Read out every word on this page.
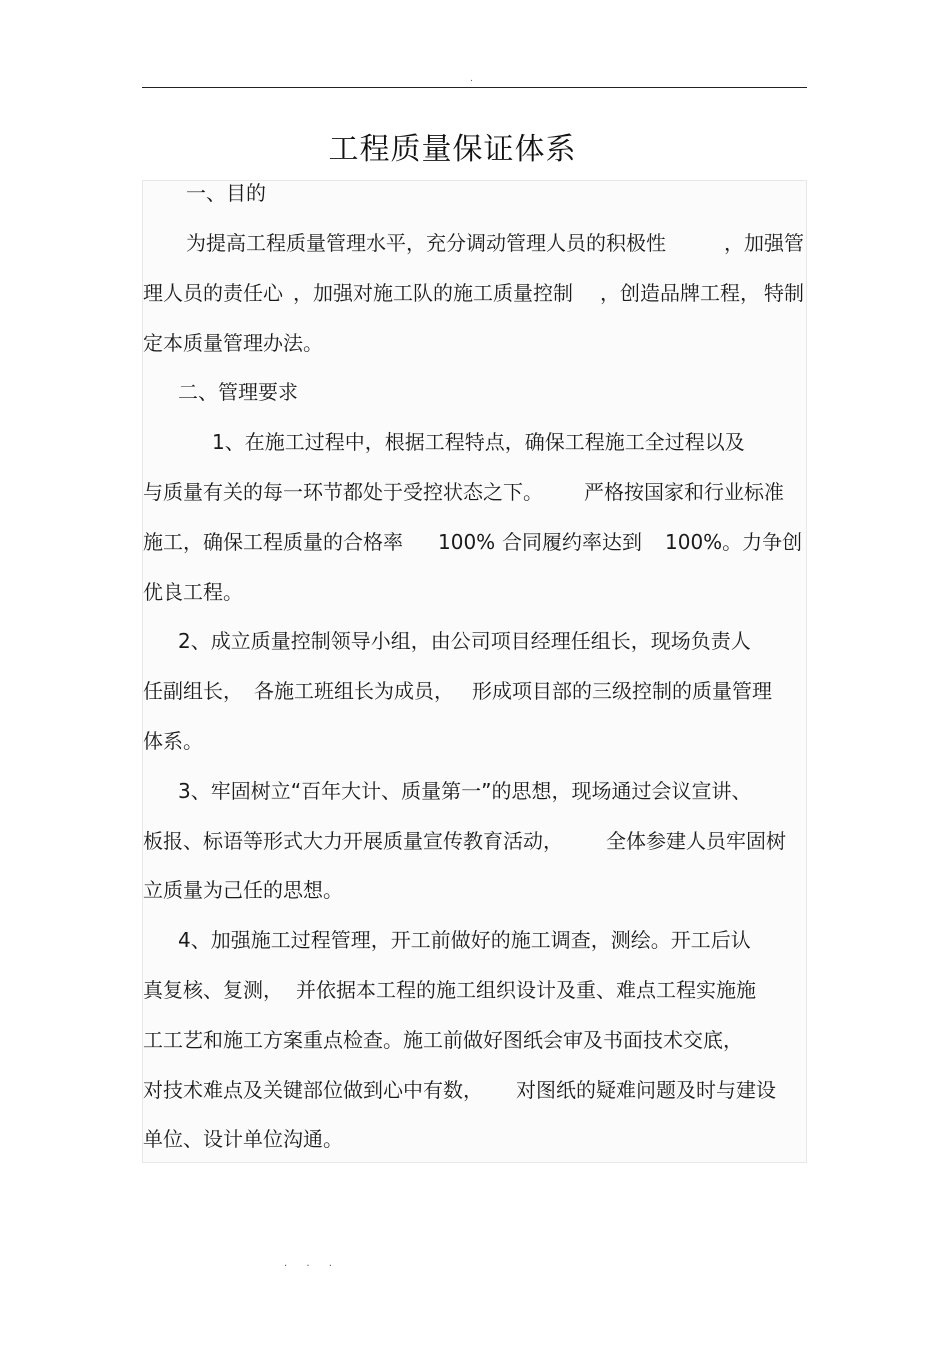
.
工程质量保证体系
一、目的
为提高工程质量管理水平，充分调动管理人员的积极性	，加强管
理人员的责任心 ，加强对施工队的施工质量控制 ，创造品牌工程， 特制
定本质量管理办法。
二、管理要求
1、在施工过程中，根据工程特点，确保工程施工全过程以及
与质量有关的每一环节都处于受控状态之下。 严格按国家和行业标准
施工，确保工程质量的合格率 100% 合同履约率达到 100%。力争创
优良工程。
2、成立质量控制领导小组，由公司项目经理任组长，现场负责人
任副组长， 各施工班组长为成员， 形成项目部的三级控制的质量管理
体系。
3、牢固树立“百年大计、质量第一”的思想，现场通过会议宣讲、
板报、标语等形式大力开展质量宣传教育活动， 全体参建人员牢固树
立质量为己任的思想。
4、加强施工过程管理，开工前做好的施工调查，测绘。开工后认
真复核、复测， 并依据本工程的施工组织设计及重、难点工程实施施
工工艺和施工方案重点检查。施工前做好图纸会审及书面技术交底，
对技术难点及关键部位做到心中有数， 对图纸的疑难问题及时与建设
单位、设计单位沟通。
. . .
